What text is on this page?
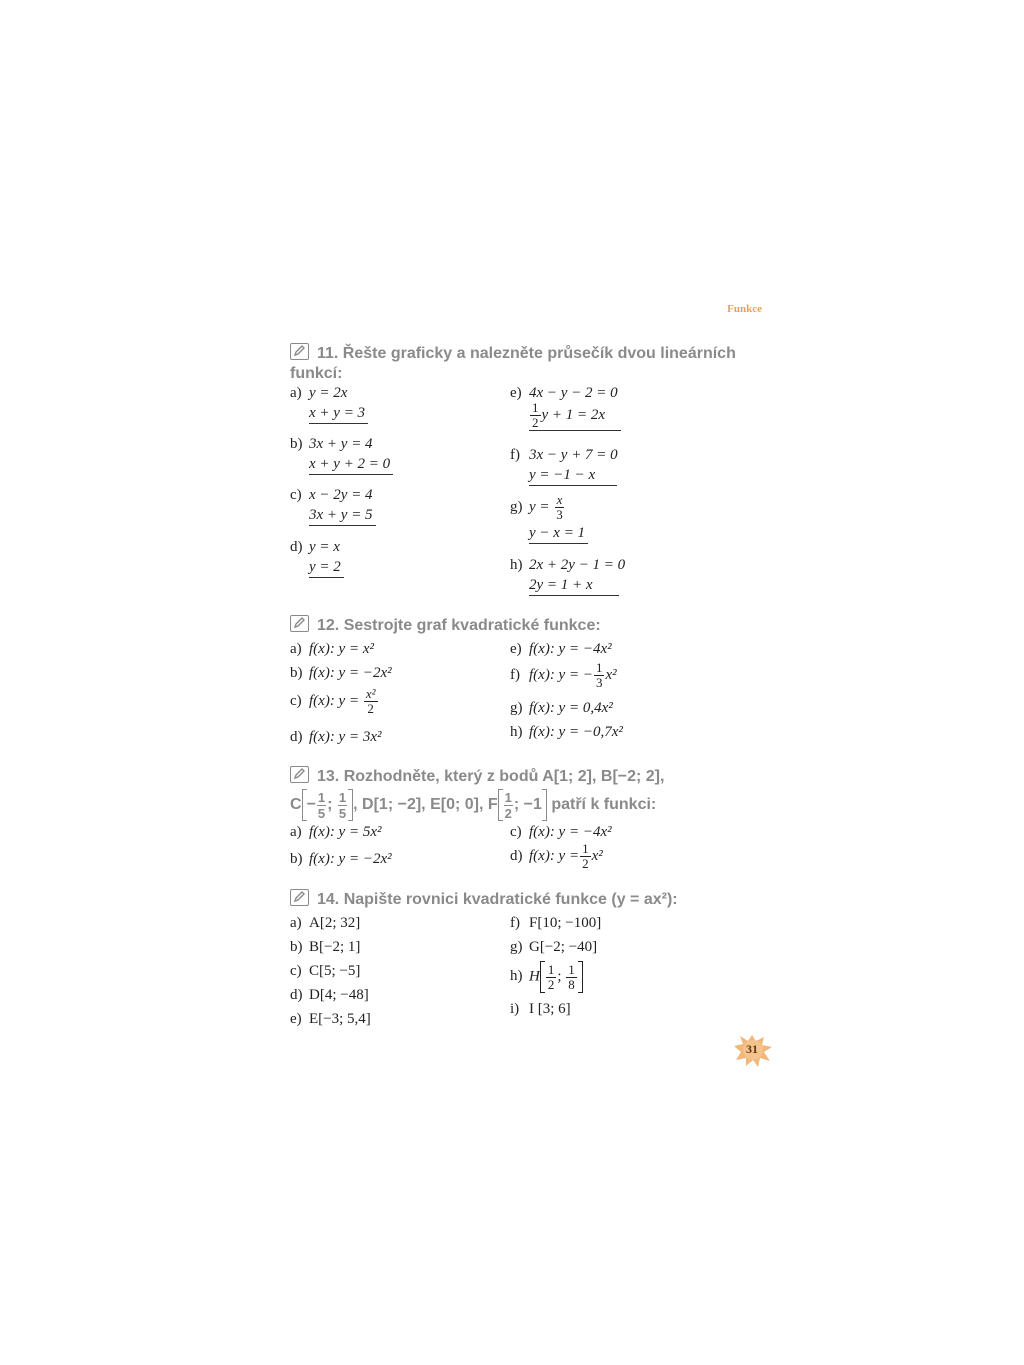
Funkce
11. Řešte graficky a nalezněte průsečík dvou lineárních funkcí:
a) y = 2x
x + y = 3
b) 3x + y = 4
x + y + 2 = 0
c) x − 2y = 4
3x + y = 5
d) y = x
y = 2
e) 4x − y − 2 = 0
$\frac{1}{2}$ y + 1 = 2x
f) 3x − y + 7 = 0
y = −1 − x
g) $y = \frac{x}{3}$
y − x = 1
h) 2x + 2y − 1 = 0
2y = 1 + x
12. Sestrojte graf kvadratické funkce:
a) f(x): y = x²
b) f(x): y = −2x²
c) f(x): $y = \frac{\text{x²}}{2}$
d) f(x): y = 3x²
e) f(x): y = −4x²
f) f(x): y = − $\frac{1}{3} x^2$
g) f(x): y = 0,4x²
h) f(x): y = −0,7x²
13. Rozhodněte, který z bodů A[1; 2], B[−2; 2],
$C - \frac{1}{5}$ ; $\frac{1}{5}$ , D[1; −2], E[0; 0], F $\frac{1}{2}$ ; −1 patří k funkci:
a) f(x): y = 5x²
b) f(x): y = −2x²
c) f(x): y = −4x²
d) f(x): $y = \frac{1}{2} x^2$
14. Napište rovnici kvadratické funkce (y = ax²):
a) A[2; 32]
b) B[−2; 1]
c) C[5; −5]
d) D[4; −48]
e) E[−3; 5,4]
f) F[10; −100]
g) G[−2; −40]
h) H $\frac{1}{2}$ ; $\frac{1}{8}$
i) I [3; 6]
31
